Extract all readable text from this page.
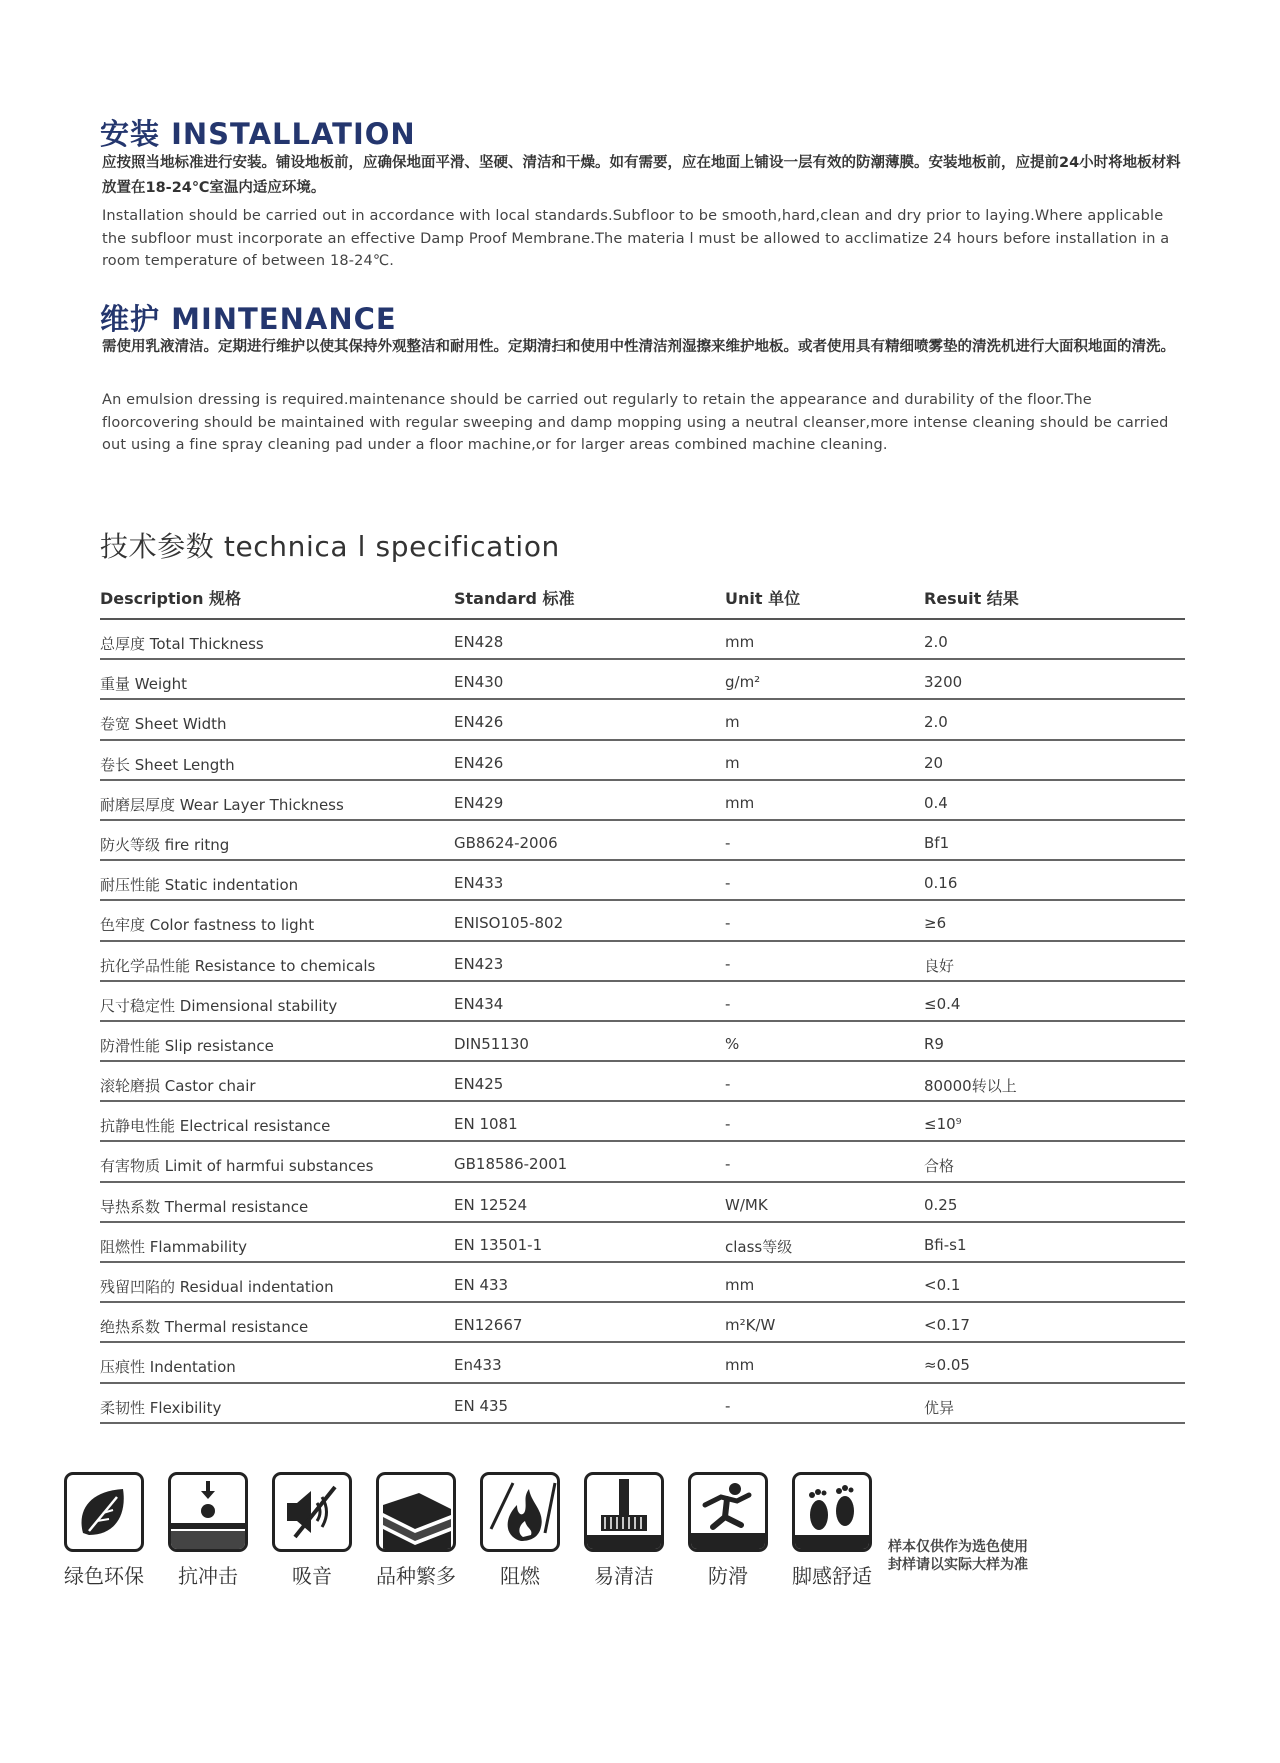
安装 INSTALLATION
应按照当地标准进行安装。铺设地板前，应确保地面平滑、坚硬、清洁和干燥。如有需要，应在地面上铺设一层有效的防潮薄膜。安装地板前，应提前24小时将地板材料放置在18-24℃室温内适应环境。
Installation should be carried out in accordance with local standards.Subfloor to be smooth,hard,clean and dry prior to laying.Where applicable the subfloor must incorporate an effective Damp Proof Membrane.The materia l must be allowed to acclimatize 24 hours before installation in a room temperature of between 18-24℃.
维护 MINTENANCE
需使用乳液清洁。定期进行维护以使其保持外观整洁和耐用性。定期清扫和使用中性清洁剂湿擦来维护地板。或者使用具有精细喷雾垫的清洗机进行大面积地面的清洗。
An emulsion dressing is required.maintenance should be carried out regularly to retain the appearance and durability of the floor.The floorcovering should be maintained with regular sweeping and damp mopping using a neutral cleanser,more intense cleaning should be carried out using a fine spray cleaning pad under a floor machine,or for larger areas combined machine cleaning.
技术参数 technica l specification
Description 规格	Standard 标准	Unit 单位	Resuit 结果
总厚度 Total Thickness	EN428	mm	2.0
重量 Weight	EN430	g/m²	3200
卷宽 Sheet Width	EN426	m	2.0
卷长 Sheet Length	EN426	m	20
耐磨层厚度 Wear Layer Thickness	EN429	mm	0.4
防火等级 fire ritng	GB8624-2006	-	Bf1
耐压性能 Static indentation	EN433	-	0.16
色牢度 Color fastness to light	ENISO105-802	-	≥6
抗化学品性能 Resistance to chemicals	EN423	-	良好
尺寸稳定性 Dimensional stability	EN434	-	≤0.4
防滑性能 Slip resistance	DIN51130	%	R9
滚轮磨损 Castor chair	EN425	-	80000转以上
抗静电性能 Electrical resistance	EN 1081	-	≤10⁹
有害物质 Limit of harmfui substances	GB18586-2001	-	合格
导热系数 Thermal resistance	EN 12524	W/MK	0.25
阻燃性 Flammability	EN 13501-1	class等级	Bfi-s1
残留凹陷的 Residual indentation	EN 433	mm	<0.1
绝热系数 Thermal resistance	EN12667	m²K/W	<0.17
压痕性 Indentation	En433	mm	≈0.05
柔韧性 Flexibility	EN 435	-	优异
绿色环保	抗冲击	吸音	品种繁多	阻燃	易清洁	防滑	脚感舒适
样本仅供作为选色使用
封样请以实际大样为准
